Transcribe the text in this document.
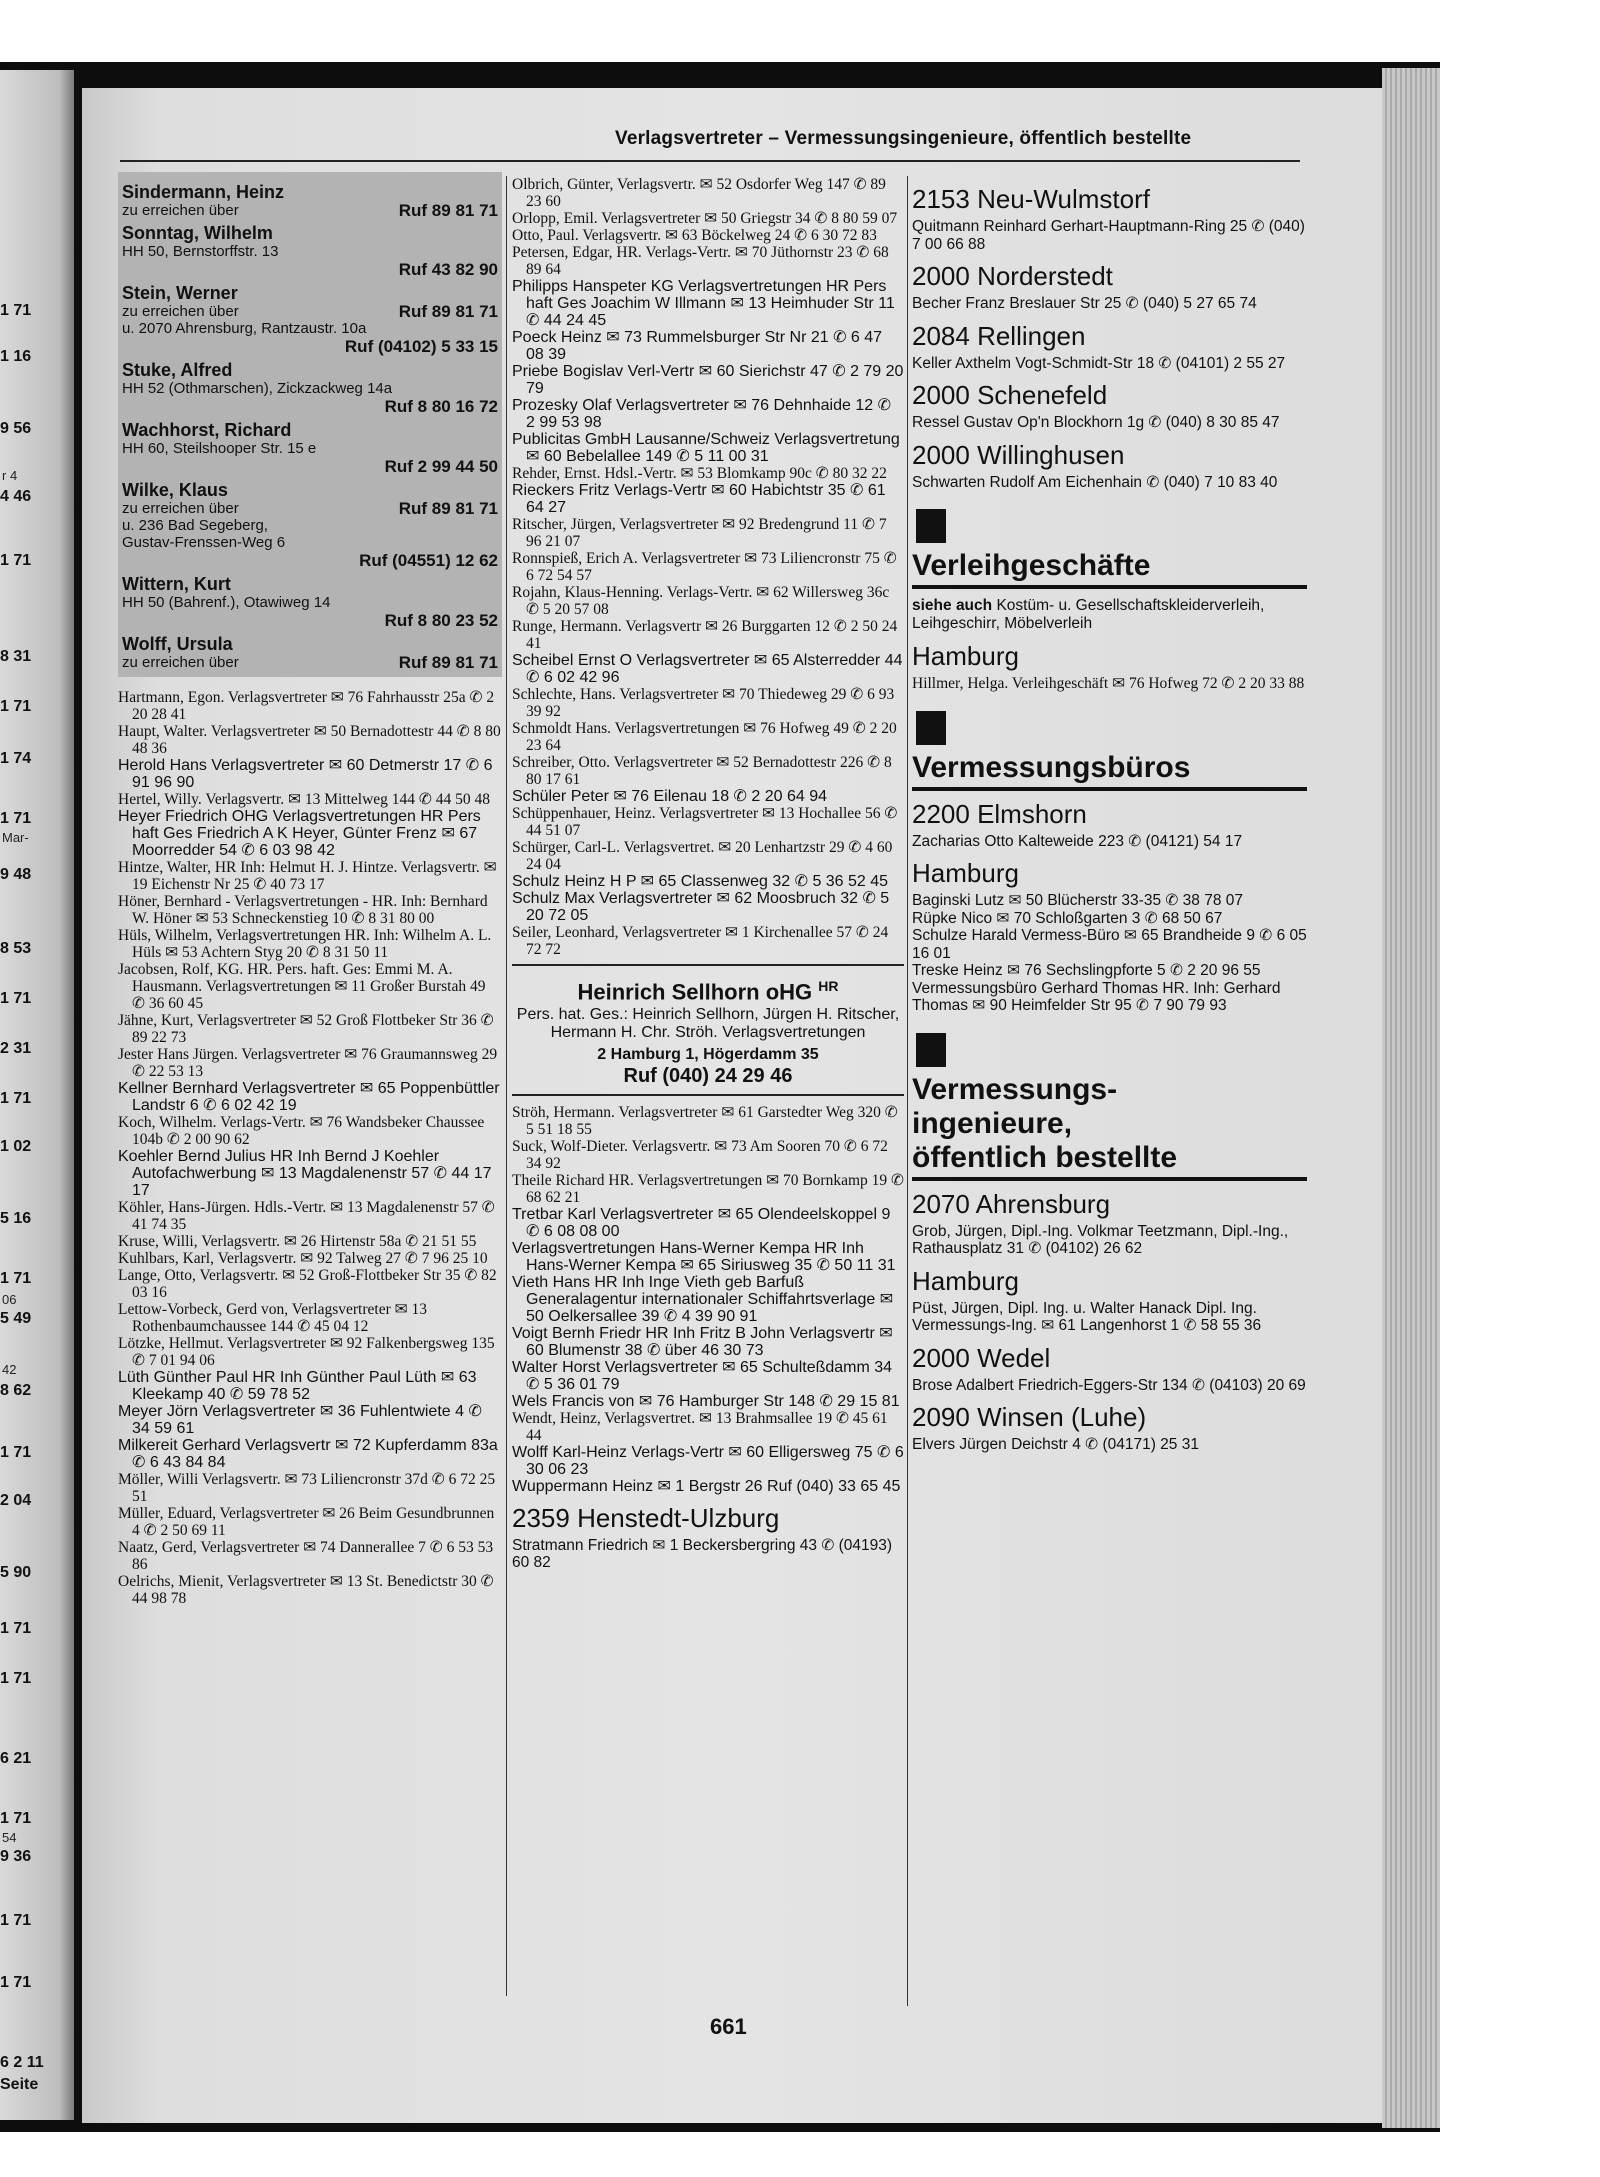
1 71
1 16
9 56
r 4
4 46
1 71
8 31
1 71
1 74
1 71
Mar-
9 48
8 53
1 71
2 31
1 71
1 02
5 16
1 71
06
5 49
42
8 62
1 71
2 04
5 90
1 71
1 71
6 21
1 71
54
9 36
1 71
1 71
6 2 11
Seite
Verlagsvertreter – Vermessungsingenieure, öffentlich bestellte
Sindermann, Heinz
zu erreichen über	Ruf 89 81 71
Sonntag, Wilhelm
HH 50, Bernstorffstr. 13
Ruf 43 82 90
Stein, Werner
zu erreichen über	Ruf 89 81 71
u. 2070 Ahrensburg, Rantzaustr. 10a
Ruf (04102) 5 33 15
Stuke, Alfred
HH 52 (Othmarschen), Zickzackweg 14a
Ruf 8 80 16 72
Wachhorst, Richard
HH 60, Steilshooper Str. 15 e
Ruf 2 99 44 50
Wilke, Klaus
zu erreichen über	Ruf 89 81 71
u. 236 Bad Segeberg,
Gustav-Frenssen-Weg 6
Ruf (04551) 12 62
Wittern, Kurt
HH 50 (Bahrenf.), Otawiweg 14
Ruf 8 80 23 52
Wolff, Ursula
zu erreichen über	Ruf 89 81 71

Hartmann, Egon. Verlagsvertreter ✉ 76 Fahrhausstr 25a ✆ 2 20 28 41

Haupt, Walter. Verlagsvertreter ✉ 50 Bernadottestr 44 ✆ 8 80 48 36

Herold Hans Verlagsvertreter ✉ 60 Detmerstr 17 ✆ 6 91 96 90

Hertel, Willy. Verlagsvertr. ✉ 13 Mittelweg 144 ✆ 44 50 48

Heyer Friedrich OHG Verlagsvertretungen HR Pers haft Ges Friedrich A K Heyer, Günter Frenz ✉ 67 Moorredder 54 ✆ 6 03 98 42

Hintze, Walter, HR Inh: Helmut H. J. Hintze. Verlagsvertr. ✉ 19 Eichenstr Nr 25 ✆ 40 73 17

Höner, Bernhard - Verlagsvertretungen - HR. Inh: Bernhard W. Höner ✉ 53 Schneckenstieg 10 ✆ 8 31 80 00

Hüls, Wilhelm, Verlagsvertretungen HR. Inh: Wilhelm A. L. Hüls ✉ 53 Achtern Styg 20 ✆ 8 31 50 11

Jacobsen, Rolf, KG. HR. Pers. haft. Ges: Emmi M. A. Hausmann. Verlagsvertretungen ✉ 11 Großer Burstah 49 ✆ 36 60 45

Jähne, Kurt, Verlagsvertreter ✉ 52 Groß Flottbeker Str 36 ✆ 89 22 73

Jester Hans Jürgen. Verlagsvertreter ✉ 76 Graumannsweg 29 ✆ 22 53 13

Kellner Bernhard Verlagsvertreter ✉ 65 Poppenbüttler Landstr 6 ✆ 6 02 42 19

Koch, Wilhelm. Verlags-Vertr. ✉ 76 Wandsbeker Chaussee 104b ✆ 2 00 90 62

Koehler Bernd Julius HR Inh Bernd J Koehler Autofachwerbung ✉ 13 Magdalenenstr 57 ✆ 44 17 17

Köhler, Hans-Jürgen. Hdls.-Vertr. ✉ 13 Magdalenenstr 57 ✆ 41 74 35

Kruse, Willi, Verlagsvertr. ✉ 26 Hirtenstr 58a ✆ 21 51 55

Kuhlbars, Karl, Verlagsvertr. ✉ 92 Talweg 27 ✆ 7 96 25 10

Lange, Otto, Verlagsvertr. ✉ 52 Groß-Flottbeker Str 35 ✆ 82 03 16

Lettow-Vorbeck, Gerd von, Verlagsvertreter ✉ 13 Rothenbaumchaussee 144 ✆ 45 04 12

Lötzke, Hellmut. Verlagsvertreter ✉ 92 Falkenbergsweg 135 ✆ 7 01 94 06

Lüth Günther Paul HR Inh Günther Paul Lüth ✉ 63 Kleekamp 40 ✆ 59 78 52

Meyer Jörn Verlagsvertreter ✉ 36 Fuhlentwiete 4 ✆ 34 59 61

Milkereit Gerhard Verlagsvertr ✉ 72 Kupferdamm 83a ✆ 6 43 84 84

Möller, Willi Verlagsvertr. ✉ 73 Liliencronstr 37d ✆ 6 72 25 51

Müller, Eduard, Verlagsvertreter ✉ 26 Beim Gesundbrunnen 4 ✆ 2 50 69 11

Naatz, Gerd, Verlagsvertreter ✉ 74 Dannerallee 7 ✆ 6 53 53 86

Oelrichs, Mienit, Verlagsvertreter ✉ 13 St. Benedictstr 30 ✆ 44 98 78

Olbrich, Günter, Verlagsvertr. ✉ 52 Osdorfer Weg 147 ✆ 89 23 60

Orlopp, Emil. Verlagsvertreter ✉ 50 Griegstr 34 ✆ 8 80 59 07

Otto, Paul. Verlagsvertr. ✉ 63 Böckelweg 24 ✆ 6 30 72 83

Petersen, Edgar, HR. Verlags-Vertr. ✉ 70 Jüthornstr 23 ✆ 68 89 64

Philipps Hanspeter KG Verlagsvertretungen HR Pers haft Ges Joachim W Illmann ✉ 13 Heimhuder Str 11 ✆ 44 24 45

Poeck Heinz ✉ 73 Rummelsburger Str Nr 21 ✆ 6 47 08 39

Priebe Bogislav Verl-Vertr ✉ 60 Sierichstr 47 ✆ 2 79 20 79

Prozesky Olaf Verlagsvertreter ✉ 76 Dehnhaide 12 ✆ 2 99 53 98

Publicitas GmbH Lausanne/Schweiz Verlagsvertretung ✉ 60 Bebelallee 149 ✆ 5 11 00 31

Rehder, Ernst. Hdsl.-Vertr. ✉ 53 Blomkamp 90c ✆ 80 32 22

Rieckers Fritz Verlags-Vertr ✉ 60 Habichtstr 35 ✆ 61 64 27

Ritscher, Jürgen, Verlagsvertreter ✉ 92 Bredengrund 11 ✆ 7 96 21 07

Ronnspieß, Erich A. Verlagsvertreter ✉ 73 Liliencronstr 75 ✆ 6 72 54 57

Rojahn, Klaus-Henning. Verlags-Vertr. ✉ 62 Willersweg 36c ✆ 5 20 57 08

Runge, Hermann. Verlagsvertr ✉ 26 Burggarten 12 ✆ 2 50 24 41

Scheibel Ernst O Verlagsvertreter ✉ 65 Alsterredder 44 ✆ 6 02 42 96

Schlechte, Hans. Verlagsvertreter ✉ 70 Thiedeweg 29 ✆ 6 93 39 92

Schmoldt Hans. Verlagsvertretungen ✉ 76 Hofweg 49 ✆ 2 20 23 64

Schreiber, Otto. Verlagsvertreter ✉ 52 Bernadottestr 226 ✆ 8 80 17 61

Schüler Peter ✉ 76 Eilenau 18 ✆ 2 20 64 94

Schüppenhauer, Heinz. Verlagsvertreter ✉ 13 Hochallee 56 ✆ 44 51 07

Schürger, Carl-L. Verlagsvertret. ✉ 20 Lenhartzstr 29 ✆ 4 60 24 04

Schulz Heinz H P ✉ 65 Classenweg 32 ✆ 5 36 52 45

Schulz Max Verlagsvertreter ✉ 62 Moosbruch 32 ✆ 5 20 72 05

Seiler, Leonhard, Verlagsvertreter ✉ 1 Kirchenallee 57 ✆ 24 72 72

Heinrich Sellhorn oHG $^{HR}$
Pers. hat. Ges.: Heinrich Sellhorn, Jürgen H. Ritscher, Hermann H. Chr. Ströh. Verlagsvertretungen
2 Hamburg 1, Högerdamm 35
Ruf (040) 24 29 46

Ströh, Hermann. Verlagsvertreter ✉ 61 Garstedter Weg 320 ✆ 5 51 18 55

Suck, Wolf-Dieter. Verlagsvertr. ✉ 73 Am Sooren 70 ✆ 6 72 34 92

Theile Richard HR. Verlagsvertretungen ✉ 70 Bornkamp 19 ✆ 68 62 21

Tretbar Karl Verlagsvertreter ✉ 65 Olendeelskoppel 9 ✆ 6 08 08 00

Verlagsvertretungen Hans-Werner Kempa HR Inh Hans-Werner Kempa ✉ 65 Siriusweg 35 ✆ 50 11 31

Vieth Hans HR Inh Inge Vieth geb Barfuß Generalagentur internationaler Schiffahrtsverlage ✉ 50 Oelkersallee 39 ✆ 4 39 90 91

Voigt Bernh Friedr HR Inh Fritz B John Verlagsvertr ✉ 60 Blumenstr 38 ✆ über 46 30 73

Walter Horst Verlagsvertreter ✉ 65 Schulteßdamm 34 ✆ 5 36 01 79

Wels Francis von ✉ 76 Hamburger Str 148 ✆ 29 15 81

Wendt, Heinz, Verlagsvertret. ✉ 13 Brahmsallee 19 ✆ 45 61 44

Wolff Karl-Heinz Verlags-Vertr ✉ 60 Elligersweg 75 ✆ 6 30 06 23

Wuppermann Heinz ✉ 1 Bergstr 26 Ruf (040) 33 65 45

2359 Henstedt-Ulzburg
Stratmann Friedrich ✉ 1 Beckersbergring 43 ✆ (04193) 60 82
2153 Neu-Wulmstorf
Quitmann Reinhard Gerhart-Hauptmann-Ring 25 ✆ (040) 7 00 66 88
2000 Norderstedt
Becher Franz Breslauer Str 25 ✆ (040) 5 27 65 74
2084 Rellingen
Keller Axthelm Vogt-Schmidt-Str 18 ✆ (04101) 2 55 27
2000 Schenefeld
Ressel Gustav Op'n Blockhorn 1g ✆ (040) 8 30 85 47
2000 Willinghusen
Schwarten Rudolf Am Eichenhain ✆ (040) 7 10 83 40
Verleihgeschäfte
siehe auch Kostüm- u. Gesellschaftskleiderverleih, Leihgeschirr, Möbelverleih
Hamburg
Hillmer, Helga. Verleihgeschäft ✉ 76 Hofweg 72 ✆ 2 20 33 88
Vermessungsbüros
2200 Elmshorn
Zacharias Otto Kalteweide 223 ✆ (04121) 54 17
Hamburg
Baginski Lutz ✉ 50 Blücherstr 33-35 ✆ 38 78 07
Rüpke Nico ✉ 70 Schloßgarten 3 ✆ 68 50 67
Schulze Harald Vermess-Büro ✉ 65 Brandheide 9 ✆ 6 05 16 01
Treske Heinz ✉ 76 Sechslingpforte 5 ✆ 2 20 96 55
Vermessungsbüro Gerhard Thomas HR. Inh: Gerhard Thomas ✉ 90 Heimfelder Str 95 ✆ 7 90 79 93
Vermessungs-
ingenieure,
öffentlich bestellte
2070 Ahrensburg
Grob, Jürgen, Dipl.-Ing. Volkmar Teetzmann, Dipl.-Ing., Rathausplatz 31 ✆ (04102) 26 62
Hamburg
Püst, Jürgen, Dipl. Ing. u. Walter Hanack Dipl. Ing. Vermessungs-Ing. ✉ 61 Langenhorst 1 ✆ 58 55 36
2000 Wedel
Brose Adalbert Friedrich-Eggers-Str 134 ✆ (04103) 20 69
2090 Winsen (Luhe)
Elvers Jürgen Deichstr 4 ✆ (04171) 25 31
661
